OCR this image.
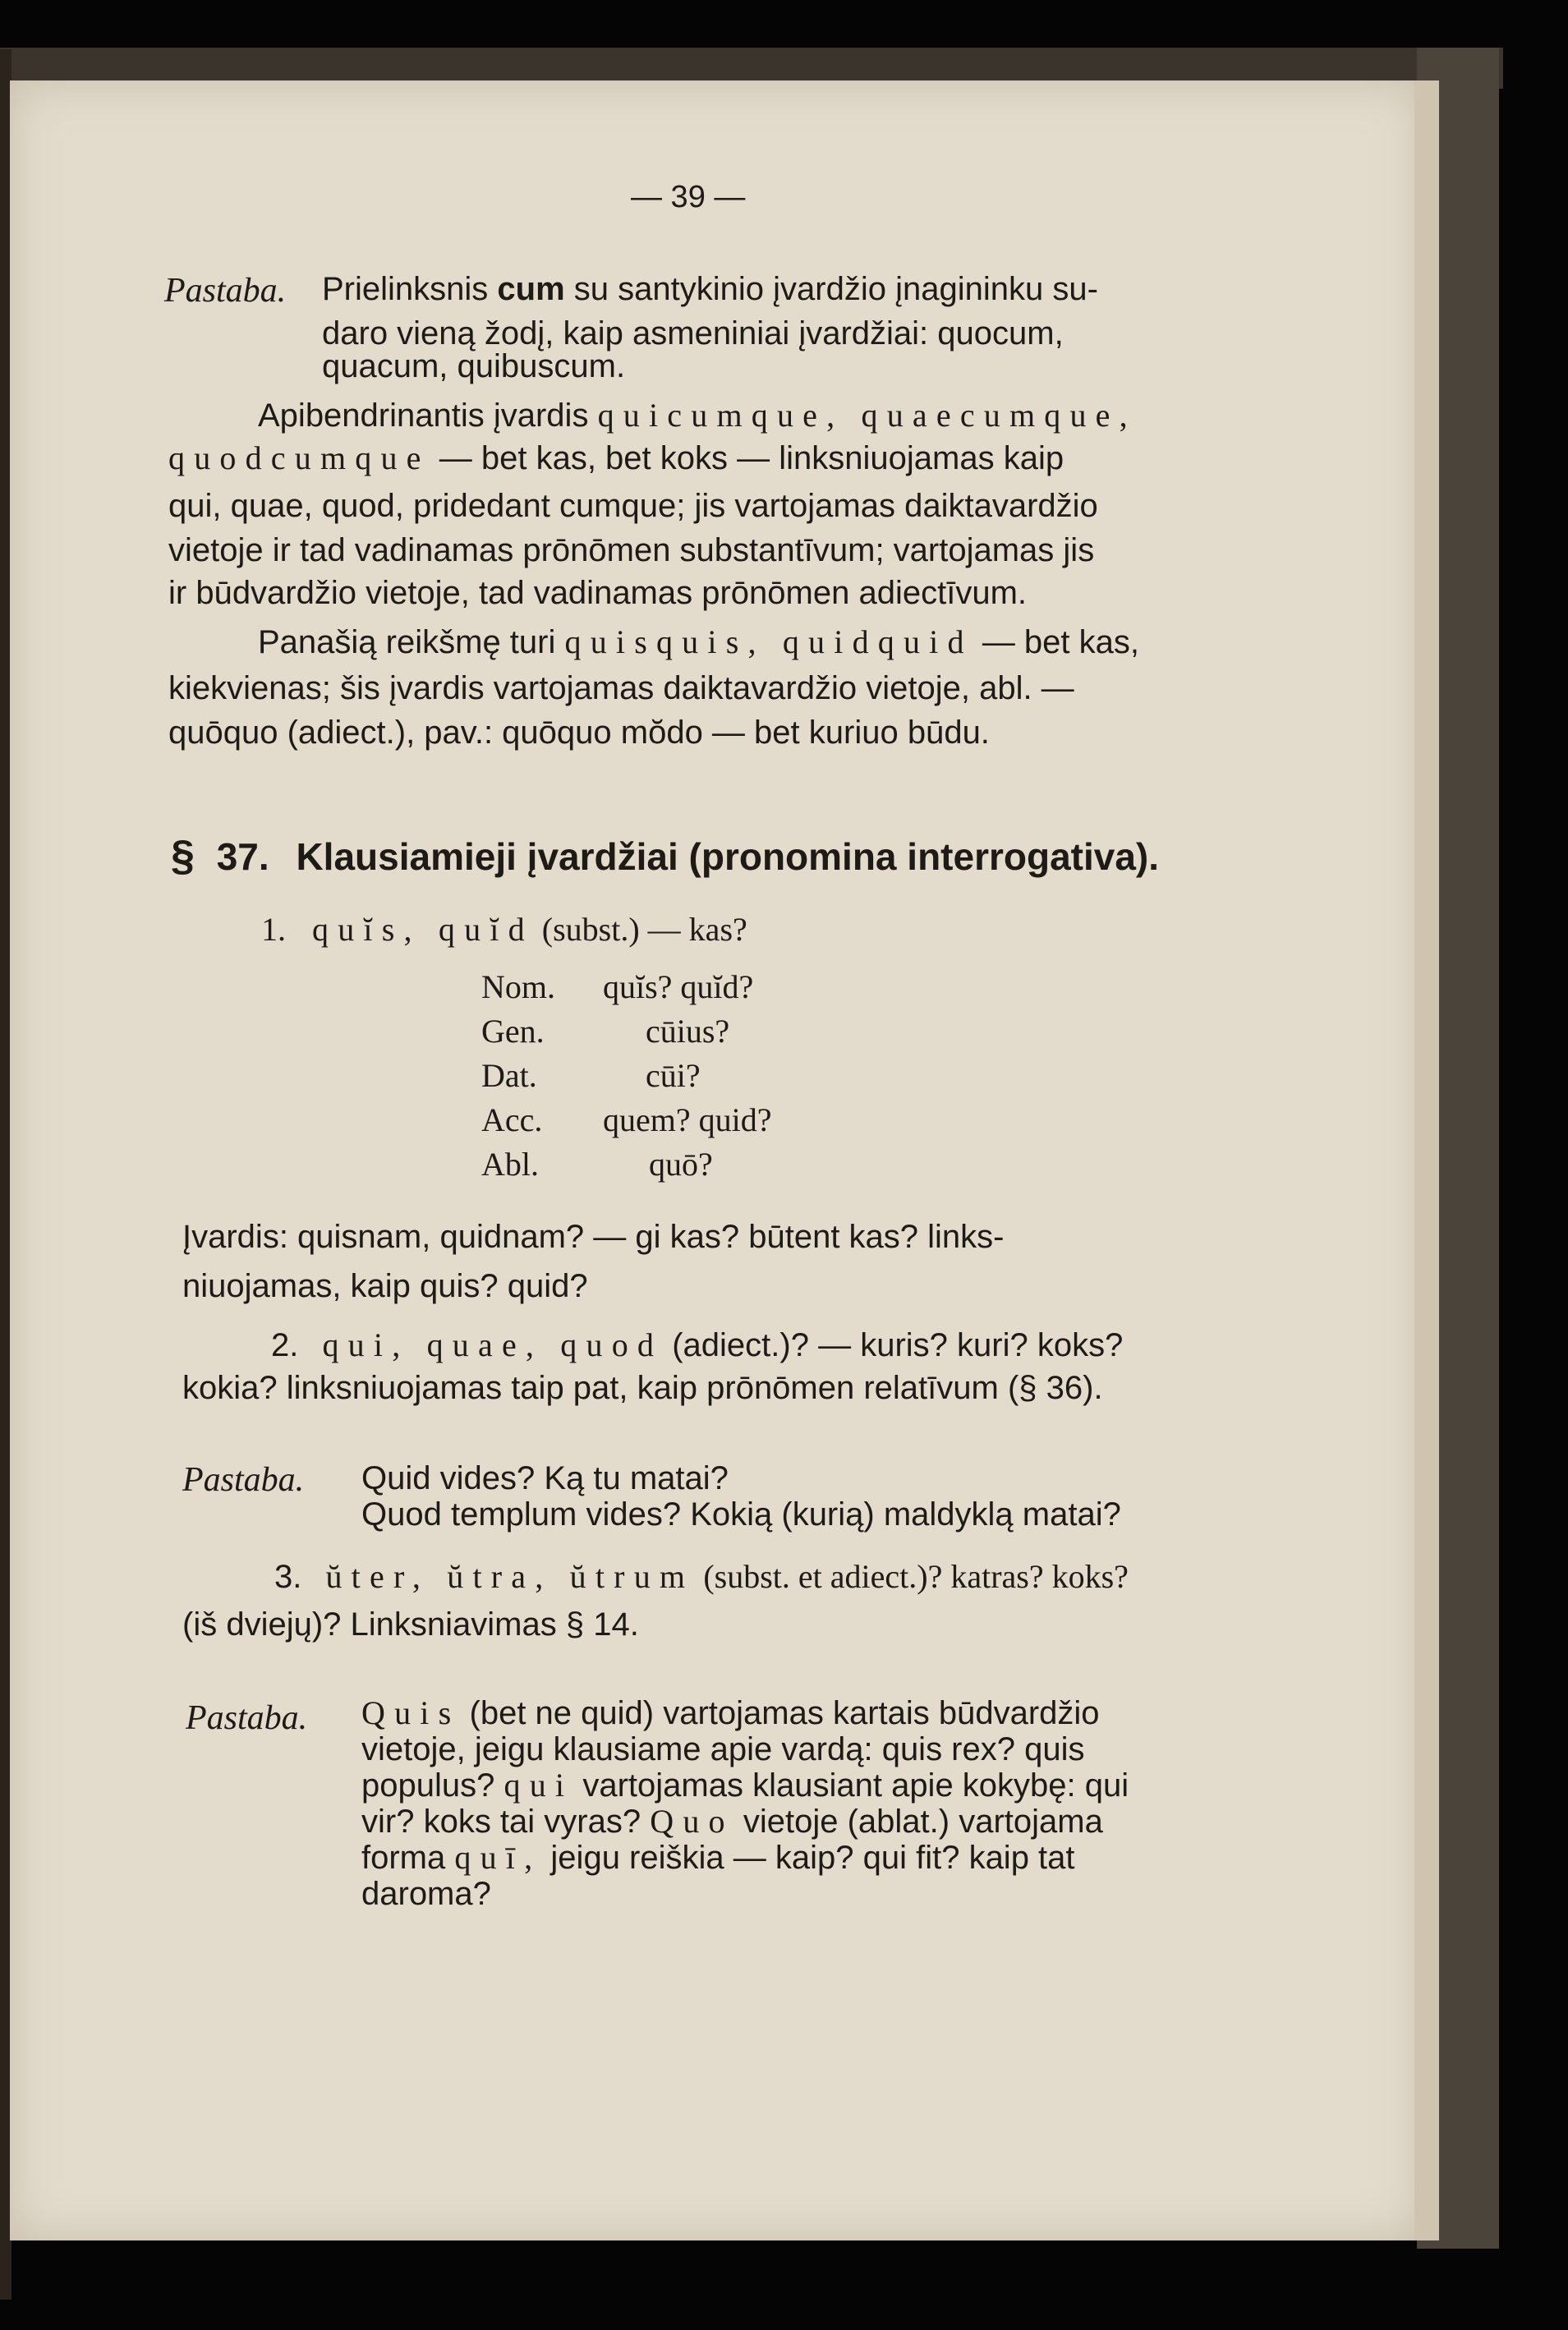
— 39 —
Pastaba. Prielinksnis cum su santykinio įvardžio įnagininku su-
daro vieną žodį, kaip asmeniniai įvardžiai: quocum,
quacum, quibuscum.
Apibendrinantis įvardis quicumque, quaecumque,
quodcumque — bet kas, bet koks — linksniuojamas kaip
qui, quae, quod, pridedant cumque; jis vartojamas daiktavardžio
vietoje ir tad vadinamas prōnōmen substantīvum; vartojamas jis
ir būdvardžio vietoje, tad vadinamas prōnōmen adiectīvum.
Panašią reikšmę turi quisquis, quidquid — bet kas,
kiekvienas; šis įvardis vartojamas daiktavardžio vietoje, abl. —
quōquo (adiect.), pav.: quōquo mŏdo — bet kuriuo būdu.
§ 37. Klausiamieji įvardžiai (pronomina interrogativa).
1. quĭs, quĭd (subst.) — kas?
Nom. quĭs? quĭd?
Gen.	cūius?
Dat.	cūi?
Acc. quem? quid?
Abl.	quō?
Įvardis: quisnam, quidnam? — gi kas? būtent kas? links-
niuojamas, kaip quis? quid?
2. qui, quae, quod (adiect.)? — kuris? kuri? koks?
kokia? linksniuojamas taip pat, kaip prōnōmen relatīvum (§ 36).
Pastaba. Quid vides? Ką tu matai?
Quod templum vides? Kokią (kurią) maldyklą matai?
3. ŭter, ŭtra, ŭtrum (subst. et adiect.)? katras? koks?
(iš dviejų)? Linksniavimas § 14.
Pastaba. Quis (bet ne quid) vartojamas kartais būdvardžio
vietoje, jeigu klausiame apie vardą: quis rex? quis
populus? qui vartojamas klausiant apie kokybę: qui
vir? koks tai vyras? Quo vietoje (ablat.) vartojama
forma quī, jeigu reiškia — kaip? qui fit? kaip tat
daroma?
